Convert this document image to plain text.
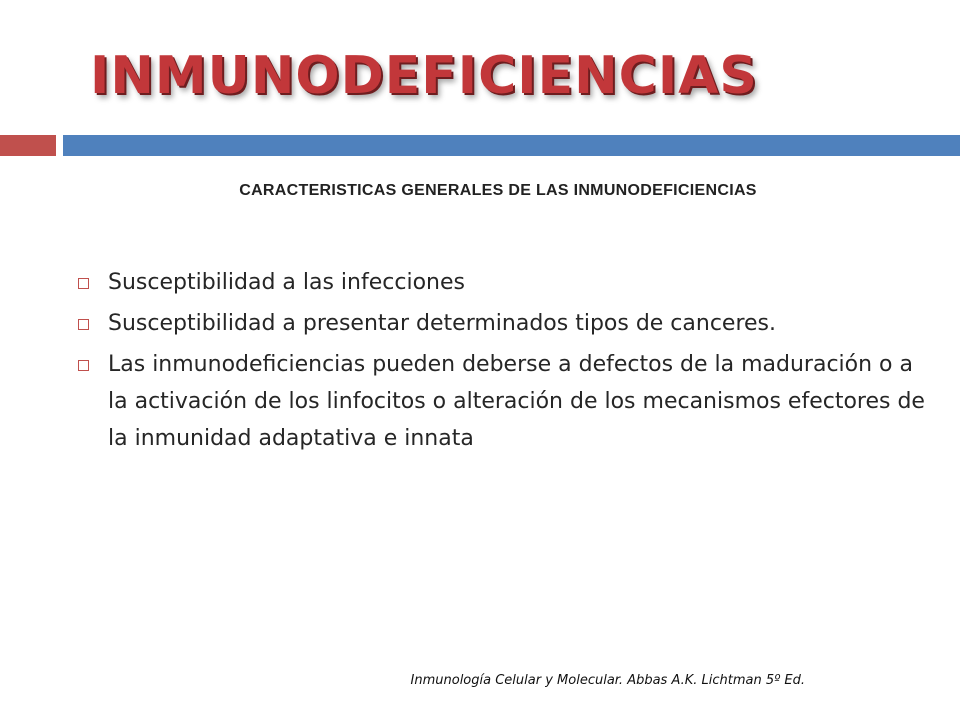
INMUNODEFICIENCIAS
CARACTERISTICAS GENERALES DE LAS INMUNODEFICIENCIAS
Susceptibilidad a las infecciones
Susceptibilidad a presentar determinados tipos de canceres.
Las inmunodeficiencias pueden deberse a defectos de la maduración o a la activación de los linfocitos o alteración de los mecanismos efectores de la inmunidad adaptativa e innata
Inmunología Celular y Molecular. Abbas A.K. Lichtman 5º Ed.
